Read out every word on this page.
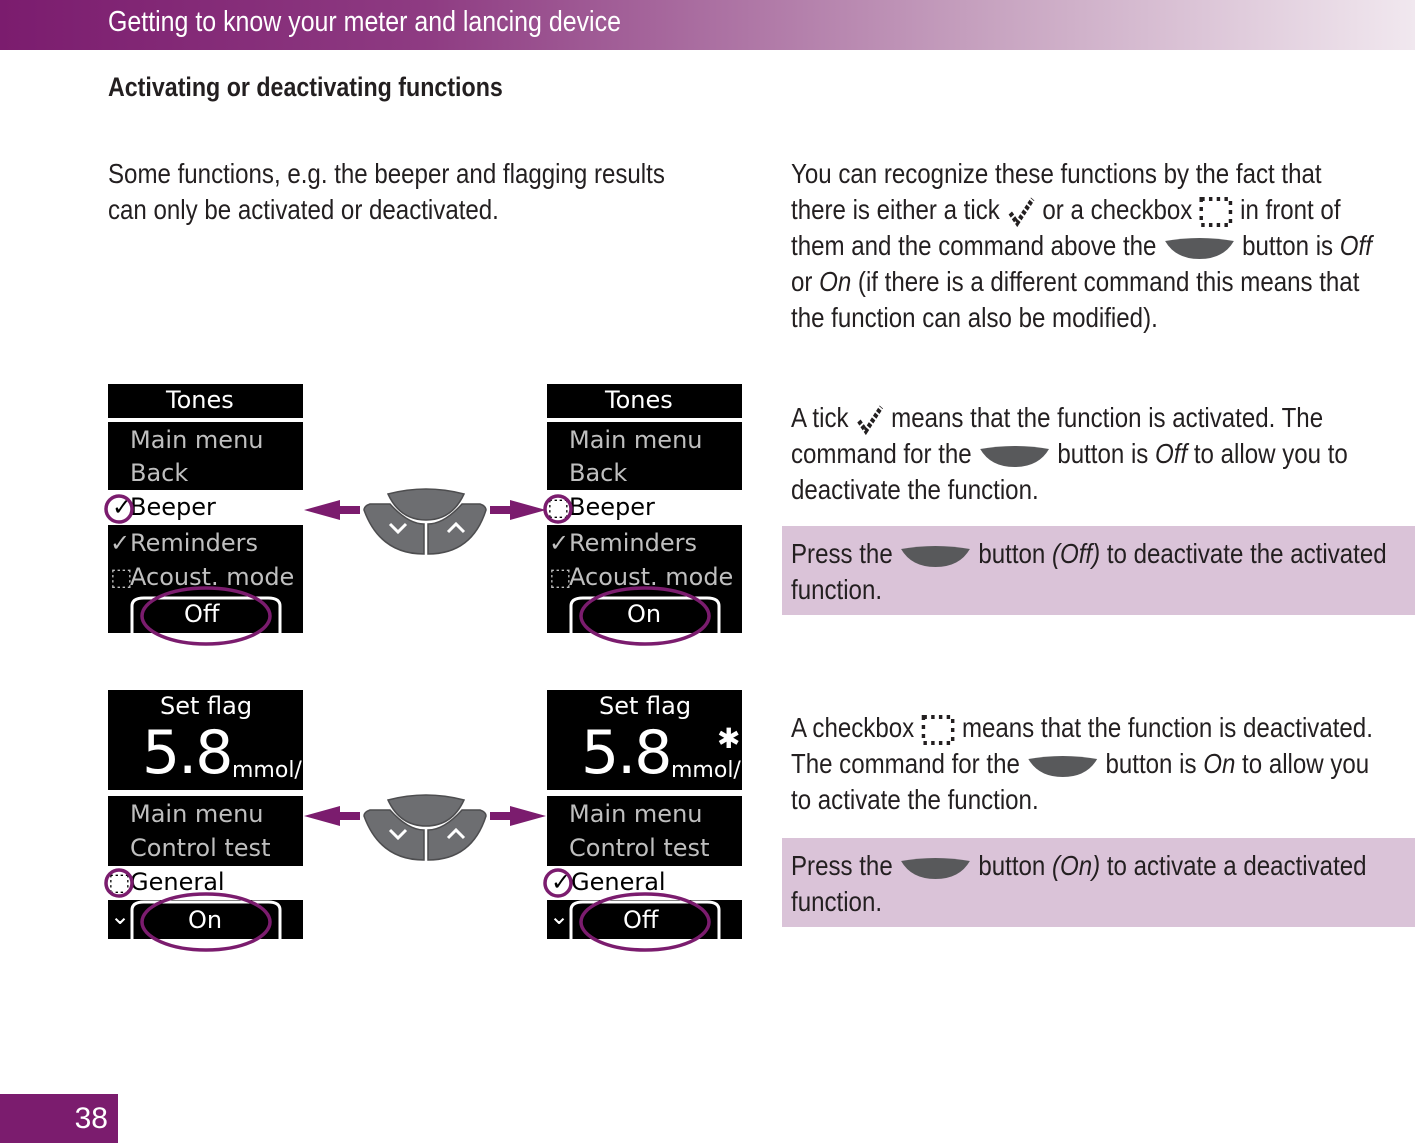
Getting to know your meter and lancing device
Activating or deactivating functions
Some functions, e.g. the beeper and flagging results
can only be activated or deactivated.
You can recognize these functions by the fact that
there is either a tick or a checkbox in front of
them and the command above the	button is Off
or On (if there is a different command this means that
the function can also be modified).
A tick means that the function is activated. The
command for the	button is Off to allow you to
deactivate the function.
Press the	button (Off) to deactivate the activated
function.
A checkbox means that the function is deactivated.
The command for the	button is On to allow you
to activate the function.
Press the	button (On) to activate a deactivated
function.
Tones
Main menu
Back
✓
Beeper
✓ Reminders
⬚
Acoust. mode
Off
Tones
Main menu
Back
⬚ Beeper
✓ Reminders
⬚
Acoust. mode
On
Set flag
5.8 mmol/l
Main menu
Control test
⬚ General
⌄ On
Set flag
✱
5.8 mmol/l
Main menu
Control test
✓ General
⌄ Off
38
